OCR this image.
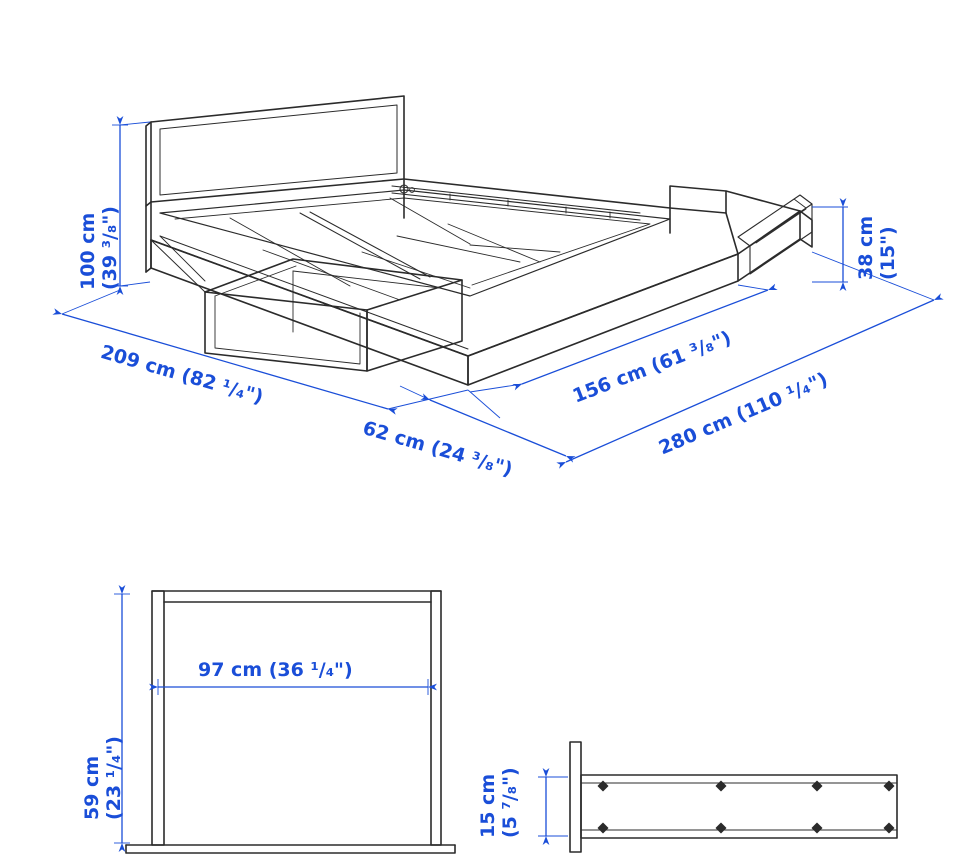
100 cm
(39 ³/₈")	38 cm
(15")
209 cm (82 ¹/₄")
62 cm (24 ³/₈")
156 cm (61 ³/₈")
280 cm (110 ¹/₄")
59 cm
(23 ¹/₄")
97 cm (36 ¹/₄")
15 cm
(5 ⁷/₈")
